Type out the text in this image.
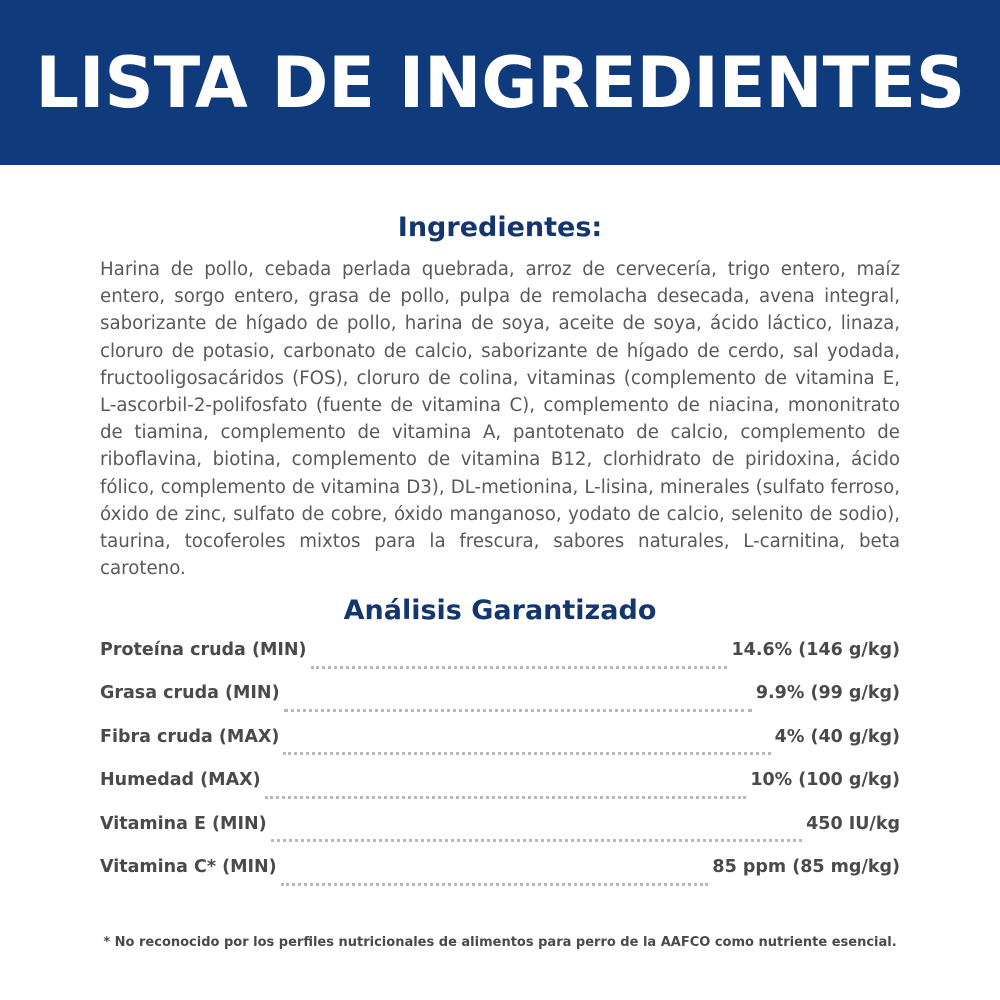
LISTA DE INGREDIENTES
Ingredientes:

Harina de pollo, cebada perlada quebrada, arroz de cervecería, trigo entero, maíz entero, sorgo entero, grasa de pollo, pulpa de remolacha desecada, avena integral, saborizante de hígado de pollo, harina de soya, aceite de soya, ácido láctico, linaza, cloruro de potasio, carbonato de calcio, saborizante de hígado de cerdo, sal yodada, fructooligosacáridos (FOS), cloruro de colina, vitaminas (complemento de vitamina E, L-ascorbil-2-polifosfato (fuente de vitamina C), complemento de niacina, mononitrato de tiamina, complemento de vitamina A, pantotenato de calcio, complemento de riboflavina, biotina, complemento de vitamina B12, clorhidrato de piridoxina, ácido fólico, complemento de vitamina D3), DL-metionina, L-lisina, minerales (sulfato ferroso, óxido de zinc, sulfato de cobre, óxido manganoso, yodato de calcio, selenito de sodio), taurina, tocoferoles mixtos para la frescura, sabores naturales, L-carnitina, beta caroteno.

Análisis Garantizado
Proteína cruda (MIN)	14.6% (146 g/kg)
Grasa cruda (MIN)	9.9% (99 g/kg)
Fibra cruda (MAX)	4% (40 g/kg)
Humedad (MAX)	10% (100 g/kg)
Vitamina E (MIN)	450 IU/kg
Vitamina C* (MIN)	85 ppm (85 mg/kg)
* No reconocido por los perfiles nutricionales de alimentos para perro de la AAFCO como nutriente esencial.
